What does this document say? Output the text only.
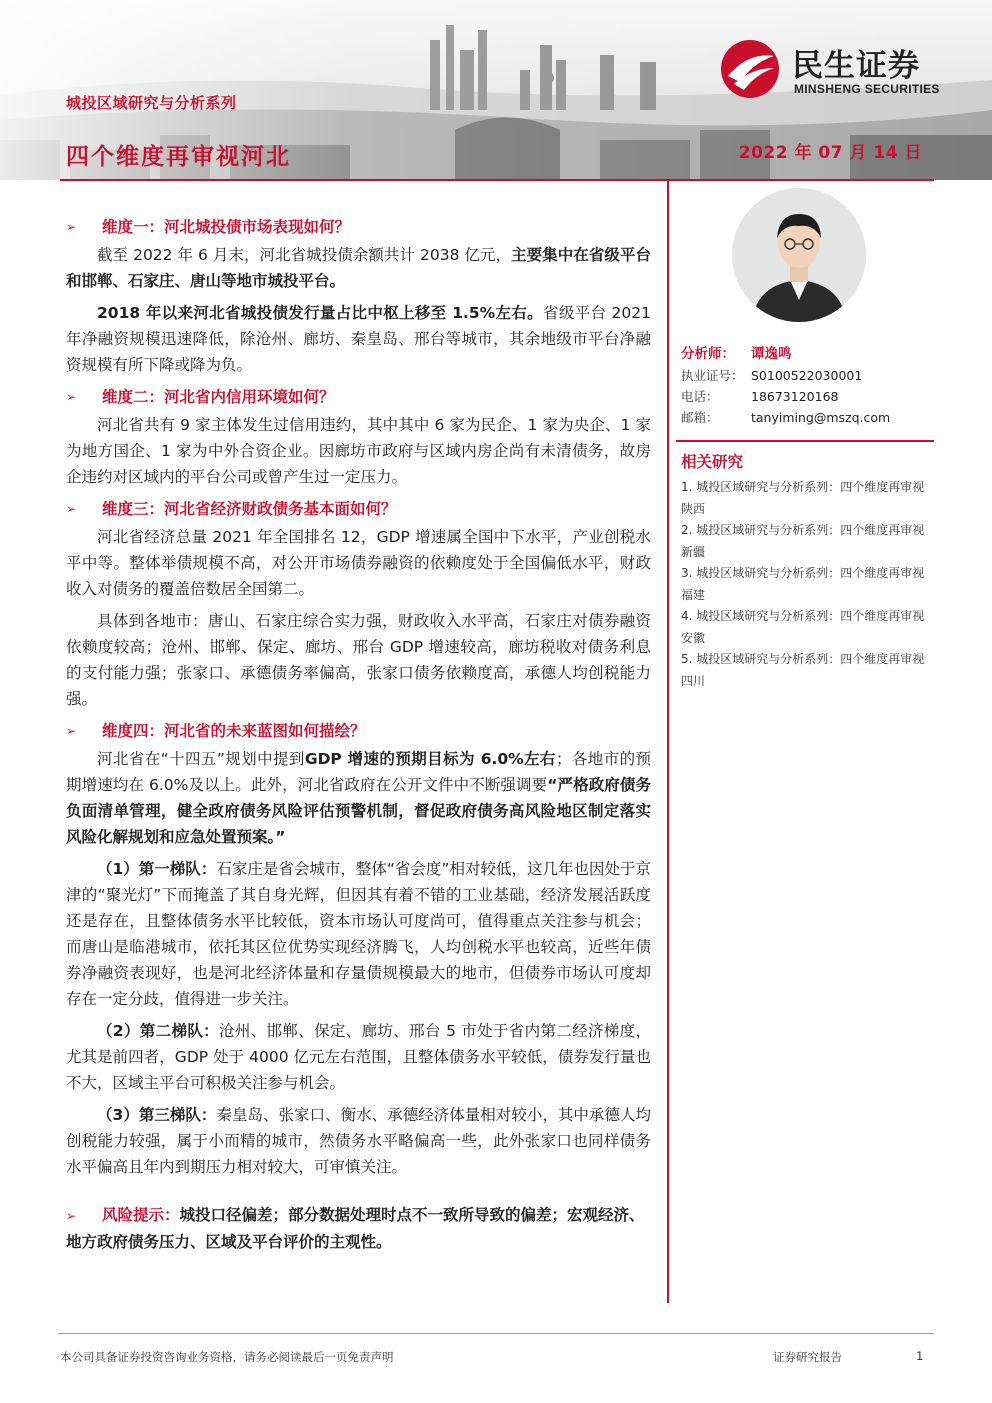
城投区域研究与分析系列
四个维度再审视河北	2022 年 07 月 14 日
民生证券
MINSHENG SECURITIES
➢	维度一：河北城投债市场表现如何？

截至 2022 年 6 月末，河北省城投债余额共计 2038 亿元，主要集中在省级平台和邯郸、石家庄、唐山等地市城投平台。

2018 年以来河北省城投债发行量占比中枢上移至 1.5%左右。省级平台 2021 年净融资规模迅速降低，除沧州、廊坊、秦皇岛、邢台等城市，其余地级市平台净融资规模有所下降或降为负。

➢	维度二：河北省内信用环境如何？

河北省共有 9 家主体发生过信用违约，其中其中 6 家为民企、1 家为央企、1 家为地方国企、1 家为中外合资企业。因廊坊市政府与区域内房企尚有未清债务，故房企违约对区域内的平台公司或曾产生过一定压力。

➢	维度三：河北省经济财政债务基本面如何？

河北省经济总量 2021 年全国排名 12，GDP 增速属全国中下水平，产业创税水平中等。整体举债规模不高，对公开市场债券融资的依赖度处于全国偏低水平，财政收入对债务的覆盖倍数居全国第二。

具体到各地市：唐山、石家庄综合实力强，财政收入水平高，石家庄对债券融资依赖度较高；沧州、邯郸、保定、廊坊、邢台 GDP 增速较高，廊坊税收对债务利息的支付能力强；张家口、承德债务率偏高，张家口债务依赖度高，承德人均创税能力强。

➢	维度四：河北省的未来蓝图如何描绘？

河北省在“十四五”规划中提到GDP 增速的预期目标为 6.0%左右；各地市的预期增速均在 6.0%及以上。此外，河北省政府在公开文件中不断强调要“严格政府债务负面清单管理，健全政府债务风险评估预警机制，督促政府债务高风险地区制定落实风险化解规划和应急处置预案。”

（1）第一梯队：石家庄是省会城市，整体“省会度”相对较低，这几年也因处于京津的“聚光灯”下而掩盖了其自身光辉，但因其有着不错的工业基础，经济发展活跃度还是存在，且整体债务水平比较低，资本市场认可度尚可，值得重点关注参与机会；而唐山是临港城市，依托其区位优势实现经济腾飞，人均创税水平也较高，近些年债券净融资表现好，也是河北经济体量和存量债规模最大的地市，但债券市场认可度却存在一定分歧，值得进一步关注。

（2）第二梯队：沧州、邯郸、保定、廊坊、邢台 5 市处于省内第二经济梯度，尤其是前四者，GDP 处于 4000 亿元左右范围，且整体债务水平较低，债券发行量也不大，区域主平台可积极关注参与机会。

（3）第三梯队：秦皇岛、张家口、衡水、承德经济体量相对较小，其中承德人均创税能力较强，属于小而精的城市，然债务水平略偏高一些，此外张家口也同样债务水平偏高且年内到期压力相对较大，可审慎关注。

➢ 风险提示：城投口径偏差；部分数据处理时点不一致所导致的偏差；宏观经济、地方政府债务压力、区域及平台评价的主观性。
分析师：	谭逸鸣
执业证号： S0100522030001
电话：	18673120168
邮箱：	tanyiming@mszq.com
相关研究

1. 城投区域研究与分析系列：四个维度再审视陕西

2. 城投区域研究与分析系列：四个维度再审视新疆

3. 城投区域研究与分析系列：四个维度再审视福建

4. 城投区域研究与分析系列：四个维度再审视安徽

5. 城投区域研究与分析系列：四个维度再审视四川

本公司具备证券投资咨询业务资格，请务必阅读最后一页免责声明	证券研究报告	1
